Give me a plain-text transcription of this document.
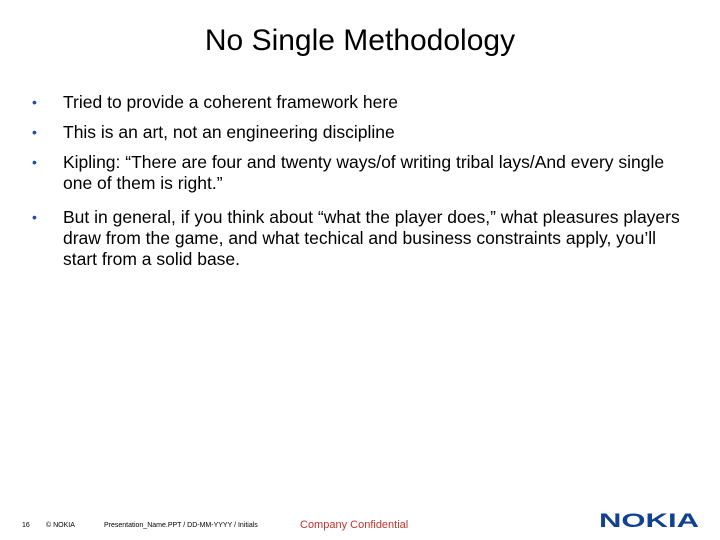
No Single Methodology
•	Tried to provide a coherent framework here
•	This is an art, not an engineering discipline
•	Kipling: “There are four and twenty ways/of writing tribal lays/And every single one of them is right.”
•	But in general, if you think about “what the player does,” what pleasures players draw from the game, and what techical and business constraints apply, you’ll start from a solid base.
16 © NOKIA	Presentation_Name.PPT / DD-MM-YYYY / Initials	Company Confidential	NOKIA
